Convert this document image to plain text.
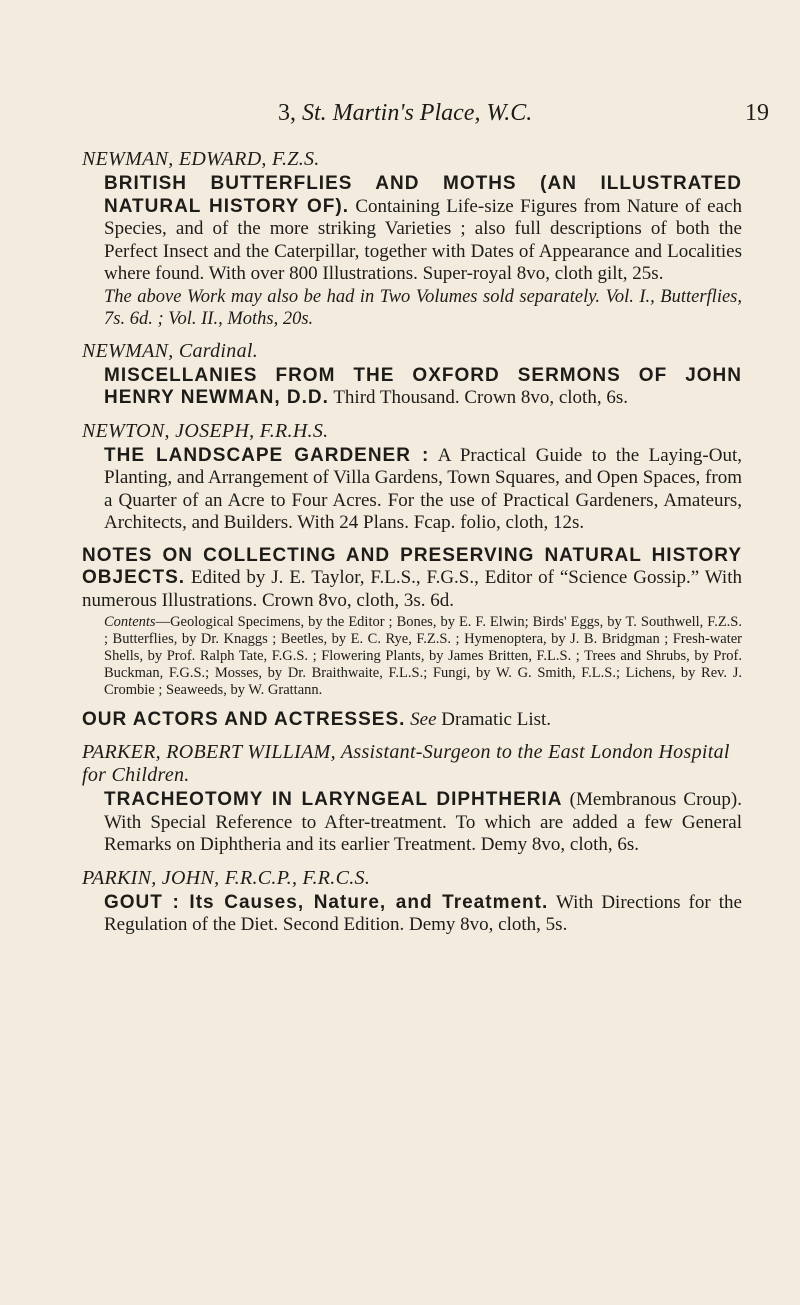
3, St. Martin's Place, W.C.	19
NEWMAN, EDWARD, F.Z.S.
BRITISH BUTTERFLIES AND MOTHS (AN ILLUSTRATED NATURAL HISTORY OF). Containing Life-size Figures from Nature of each Species, and of the more striking Varieties ; also full descriptions of both the Perfect Insect and the Caterpillar, together with Dates of Appearance and Localities where found. With over 800 Illustrations. Super-royal 8vo, cloth gilt, 25s.
The above Work may also be had in Two Volumes sold separately. Vol. I., Butterflies, 7s. 6d. ; Vol. II., Moths, 20s.
NEWMAN, Cardinal.
MISCELLANIES FROM THE OXFORD SERMONS OF JOHN HENRY NEWMAN, D.D. Third Thousand. Crown 8vo, cloth, 6s.
NEWTON, JOSEPH, F.R.H.S.
THE LANDSCAPE GARDENER : A Practical Guide to the Laying-Out, Planting, and Arrangement of Villa Gardens, Town Squares, and Open Spaces, from a Quarter of an Acre to Four Acres. For the use of Practical Gardeners, Amateurs, Architects, and Builders. With 24 Plans. Fcap. folio, cloth, 12s.
NOTES ON COLLECTING AND PRESERVING NATURAL HISTORY OBJECTS. Edited by J. E. Taylor, F.L.S., F.G.S., Editor of “Science Gossip.” With numerous Illustrations. Crown 8vo, cloth, 3s. 6d.
Contents—Geological Specimens, by the Editor ; Bones, by E. F. Elwin; Birds' Eggs, by T. Southwell, F.Z.S. ; Butterflies, by Dr. Knaggs ; Beetles, by E. C. Rye, F.Z.S. ; Hymenoptera, by J. B. Bridgman ; Fresh-water Shells, by Prof. Ralph Tate, F.G.S. ; Flowering Plants, by James Britten, F.L.S. ; Trees and Shrubs, by Prof. Buckman, F.G.S.; Mosses, by Dr. Braithwaite, F.L.S.; Fungi, by W. G. Smith, F.L.S.; Lichens, by Rev. J. Crombie ; Seaweeds, by W. Grattann.
OUR ACTORS AND ACTRESSES. See Dramatic List.
PARKER, ROBERT WILLIAM, Assistant-Surgeon to the East London Hospital for Children.
TRACHEOTOMY IN LARYNGEAL DIPHTHERIA (Membranous Croup). With Special Reference to After-treatment. To which are added a few General Remarks on Diphtheria and its earlier Treatment. Demy 8vo, cloth, 6s.
PARKIN, JOHN, F.R.C.P., F.R.C.S.
GOUT : Its Causes, Nature, and Treatment. With Directions for the Regulation of the Diet. Second Edition. Demy 8vo, cloth, 5s.
